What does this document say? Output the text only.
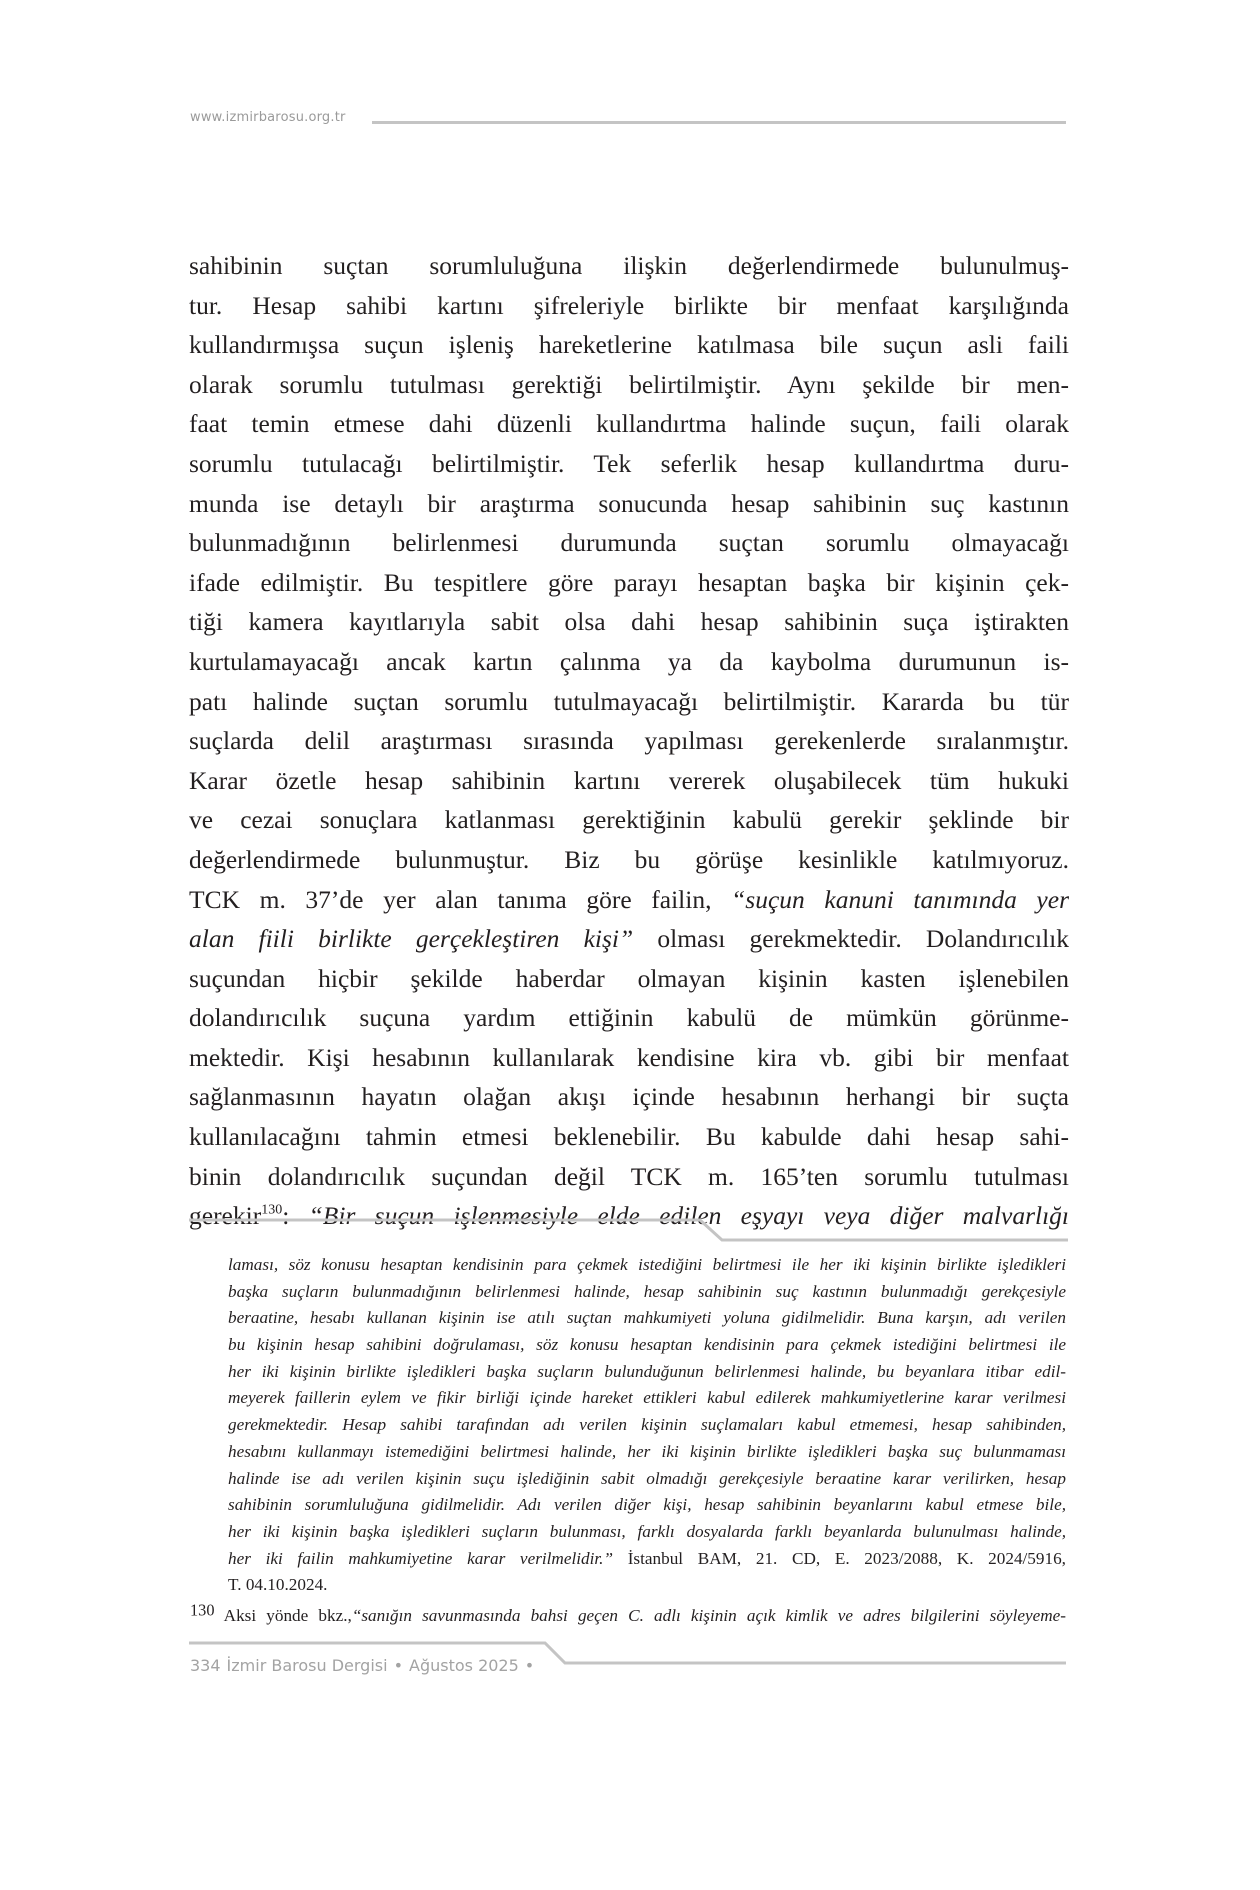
www.izmirbarosu.org.tr
sahibinin suçtan sorumluluğuna ilişkin değerlendirmede bulunulmuş-
tur. Hesap sahibi kartını şifreleriyle birlikte bir menfaat karşılığında
kullandırmışsa suçun işleniş hareketlerine katılmasa bile suçun asli faili
olarak sorumlu tutulması gerektiği belirtilmiştir. Aynı şekilde bir men-
faat temin etmese dahi düzenli kullandırtma halinde suçun, faili olarak
sorumlu tutulacağı belirtilmiştir. Tek seferlik hesap kullandırtma duru-
munda ise detaylı bir araştırma sonucunda hesap sahibinin suç kastının
bulunmadığının belirlenmesi durumunda suçtan sorumlu olmayacağı
ifade edilmiştir. Bu tespitlere göre parayı hesaptan başka bir kişinin çek-
tiği kamera kayıtlarıyla sabit olsa dahi hesap sahibinin suça iştirakten
kurtulamayacağı ancak kartın çalınma ya da kaybolma durumunun is-
patı halinde suçtan sorumlu tutulmayacağı belirtilmiştir. Kararda bu tür
suçlarda delil araştırması sırasında yapılması gerekenlerde sıralanmıştır.
Karar özetle hesap sahibinin kartını vererek oluşabilecek tüm hukuki
ve cezai sonuçlara katlanması gerektiğinin kabulü gerekir şeklinde bir
değerlendirmede bulunmuştur. Biz bu görüşe kesinlikle katılmıyoruz.
TCK m. 37’de yer alan tanıma göre failin, “suçun kanuni tanımında yer
alan fiili birlikte gerçekleştiren kişi” olması gerekmektedir. Dolandırıcılık
suçundan hiçbir şekilde haberdar olmayan kişinin kasten işlenebilen
dolandırıcılık suçuna yardım ettiğinin kabulü de mümkün görünme-
mektedir. Kişi hesabının kullanılarak kendisine kira vb. gibi bir menfaat
sağlanmasının hayatın olağan akışı içinde hesabının herhangi bir suçta
kullanılacağını tahmin etmesi beklenebilir. Bu kabulde dahi hesap sahi-
binin dolandırıcılık suçundan değil TCK m. 165’ten sorumlu tutulması
gerekir$^{130}$: “Bir suçun işlenmesiyle elde edilen eşyayı veya diğer malvarlığı
laması, söz konusu hesaptan kendisinin para çekmek istediğini belirtmesi ile her iki kişinin birlikte işledikleri
başka suçların bulunmadığının belirlenmesi halinde, hesap sahibinin suç kastının bulunmadığı gerekçesiyle
beraatine, hesabı kullanan kişinin ise atılı suçtan mahkumiyeti yoluna gidilmelidir. Buna karşın, adı verilen
bu kişinin hesap sahibini doğrulaması, söz konusu hesaptan kendisinin para çekmek istediğini belirtmesi ile
her iki kişinin birlikte işledikleri başka suçların bulunduğunun belirlenmesi halinde, bu beyanlara itibar edil-
meyerek faillerin eylem ve fikir birliği içinde hareket ettikleri kabul edilerek mahkumiyetlerine karar verilmesi
gerekmektedir. Hesap sahibi tarafından adı verilen kişinin suçlamaları kabul etmemesi, hesap sahibinden,
hesabını kullanmayı istemediğini belirtmesi halinde, her iki kişinin birlikte işledikleri başka suç bulunmaması
halinde ise adı verilen kişinin suçu işlediğinin sabit olmadığı gerekçesiyle beraatine karar verilirken, hesap
sahibinin sorumluluğuna gidilmelidir. Adı verilen diğer kişi, hesap sahibinin beyanlarını kabul etmese bile,
her iki kişinin başka işledikleri suçların bulunması, farklı dosyalarda farklı beyanlarda bulunulması halinde,
her iki failin mahkumiyetine karar verilmelidir.” İstanbul BAM, 21. CD, E. 2023/2088, K. 2024/5916,
T. 04.10.2024.
$^{130}$ Aksi yönde bkz.,“sanığın savunmasında bahsi geçen C. adlı kişinin açık kimlik ve adres bilgilerini söyleyeme-
334 İzmir Barosu Dergisi • Ağustos 2025 •
